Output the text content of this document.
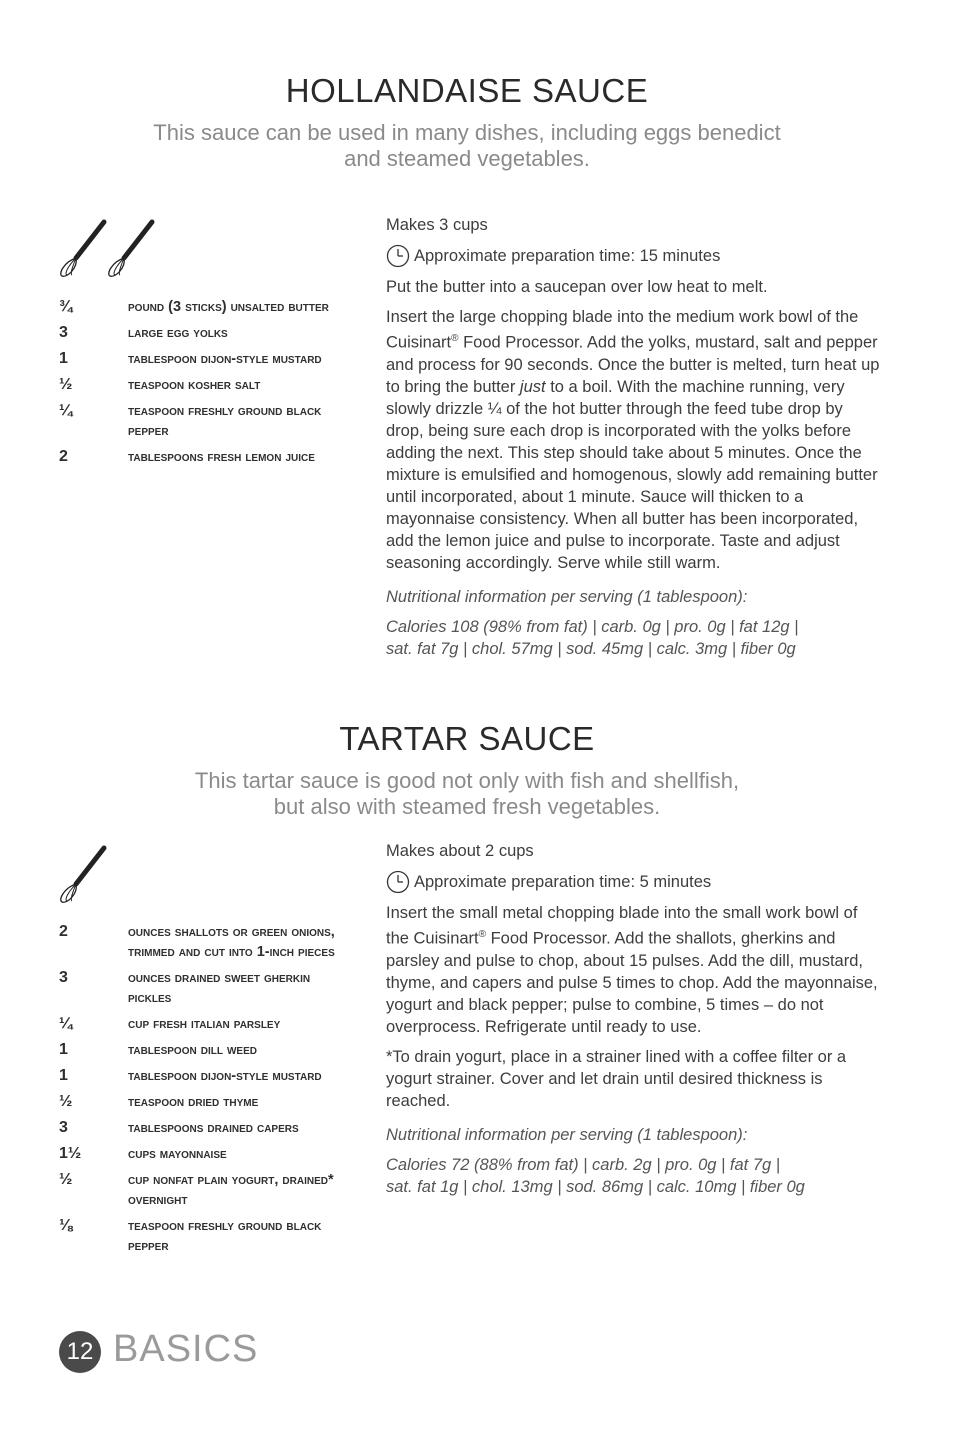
HOLLANDAISE SAUCE
This sauce can be used in many dishes, including eggs benedict
and steamed vegetables.
¾	pound (3 sticks) unsalted butter
3	large egg yolks
1	tablespoon dijon-style mustard
½	teaspoon kosher salt
¼	teaspoon freshly ground black pepper
2	tablespoons fresh lemon juice

Makes 3 cups

Approximate preparation time: 15 minutes

Put the butter into a saucepan over low heat to melt.

Insert the large chopping blade into the medium work bowl of the Cuisinart® Food Processor. Add the yolks, mustard, salt and pepper and process for 90 seconds. Once the butter is melted, turn heat up to bring the butter just to a boil. With the machine running, very slowly drizzle ¼ of the hot butter through the feed tube drop by drop, being sure each drop is incorporated with the yolks before adding the next. This step should take about 5 minutes. Once the mixture is emulsified and homogenous, slowly add remaining butter until incorporated, about 1 minute. Sauce will thicken to a mayonnaise consistency. When all butter has been incorporated, add the lemon juice and pulse to incorporate. Taste and adjust seasoning accordingly. Serve while still warm.

Nutritional information per serving (1 tablespoon):

Calories 108 (98% from fat) | carb. 0g | pro. 0g | fat 12g |
sat. fat 7g | chol. 57mg | sod. 45mg | calc. 3mg | fiber 0g
TARTAR SAUCE
This tartar sauce is good not only with fish and shellfish,
but also with steamed fresh vegetables.
2	ounces shallots or green onions, trimmed and cut into 1-inch pieces
3	ounces drained sweet gherkin pickles
¼	cup fresh italian parsley
1	tablespoon dill weed
1	tablespoon dijon-style mustard
½	teaspoon dried thyme
3	tablespoons drained capers
1½	cups mayonnaise
½	cup nonfat plain yogurt, drained* overnight
⅛	teaspoon freshly ground black pepper

Makes about 2 cups

Approximate preparation time: 5 minutes

Insert the small metal chopping blade into the small work bowl of the Cuisinart® Food Processor. Add the shallots, gherkins and parsley and pulse to chop, about 15 pulses. Add the dill, mustard, thyme, and capers and pulse 5 times to chop. Add the mayonnaise, yogurt and black pepper; pulse to combine, 5 times – do not overprocess. Refrigerate until ready to use.

*To drain yogurt, place in a strainer lined with a coffee filter or a yogurt strainer. Cover and let drain until desired thickness is reached.

Nutritional information per serving (1 tablespoon):

Calories 72 (88% from fat) | carb. 2g | pro. 0g | fat 7g |
sat. fat 1g | chol. 13mg | sod. 86mg | calc. 10mg | fiber 0g
12 BASICS
